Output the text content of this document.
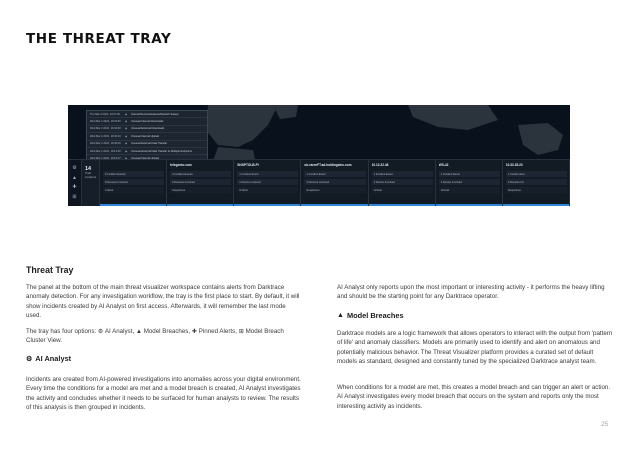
THE THREAT TRAY
Thu Mar 3 2022, 10:27:00	◉	Internal Reconnaissance/Network Sweep
Wed Mar 2 2022, 19:42:50	◉	Unusual Internal Downloads
Wed Mar 2 2022, 19:42:00	◉	Unusual External Downloads
Wed Mar 2 2022, 19:40:10	◉	Unusual Internal Upload
Wed Mar 2 2022, 19:40:00	◉	Unusual External Data Transfer
Wed Mar 2 2022, 19:13:20	◉	Unusual External Data Transfer to Multiple Endpoints
⚙
▲
✚
⊞
14
Total
Incidents
6 Incident Events
8 Devices Involved
Critical
telegento.com
4 Incident Events
6 Devices Involved
Suspicious
SNSPTOLB-PI
1 Incident Event
1 Device Involved
Critical
uk-rarenFT.ad.holdingsinc.com
1 Incident Event
3 Devices Involved
Suspicious
10.12.32.48
1 Incident Event
1 Device Involved
Critical
WS-42
1 Incident Event
1 Device Involved
Critical
10.33.35.23
1 Incident Eve
2 Devices Inv
Suspicious
Threat Tray

The panel at the bottom of the main threat visualizer workspace contains alerts from Darktrace anomaly detection. For any investigation workflow, the tray is the first place to start. By default, it will show incidents created by AI Analyst on first access. Afterwards, it will remember the last mode used.

The tray has four options: ⚙ AI Analyst, ▲ Model Breaches, ✚ Pinned Alerts, ⊞ Model Breach Cluster View.

⚙ AI Analyst

Incidents are created from AI-powered investigations into anomalies across your digital environment. Every time the conditions for a model are met and a model breach is created, AI Analyst investigates the activity and concludes whether it needs to be surfaced for human analysts to review. The results of this analysis is then grouped in incidents.

AI Analyst only reports upon the most important or interesting activity - it performs the heavy lifting and should be the starting point for any Darktrace operator.

▲ Model Breaches

Darktrace models are a logic framework that allows operators to interact with the output from 'pattern of life' and anomaly classifiers. Models are primarily used to identify and alert on anomalous and potentially malicious behavior. The Threat Visualizer platform provides a curated set of default models as standard, designed and constantly tuned by the specialized Darktrace analyst team.

When conditions for a model are met, this creates a model breach and can trigger an alert or action. AI Analyst investigates every model breach that occurs on the system and reports only the most interesting activity as incidents.

25
